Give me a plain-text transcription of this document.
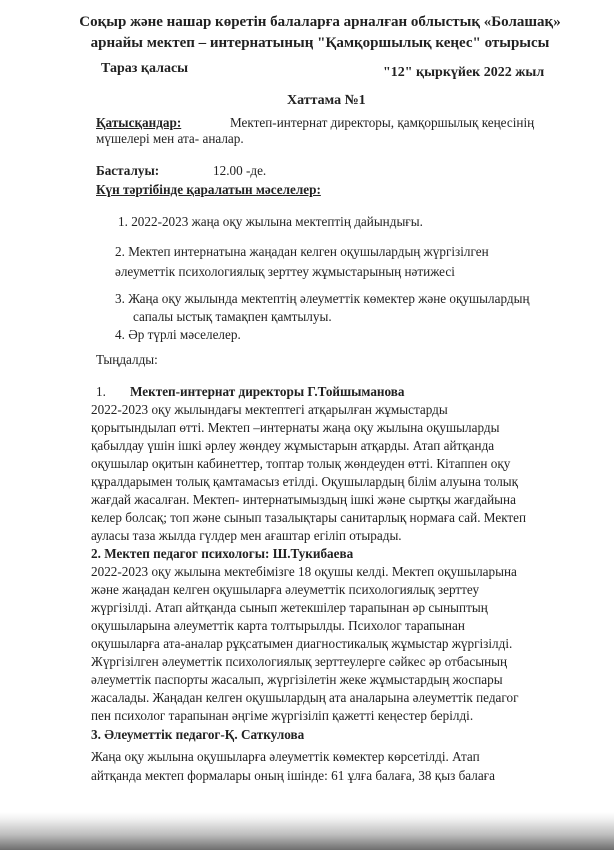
Соқыр және нашар көретін балаларға арналған облыстық «Болашақ»
арнайы мектеп – интернатының "Қамқоршылық кеңес" отырысы
Тараз қаласы	"12" қыркүйек 2022 жыл
Хаттама №1
Қатысқандар:	Мектеп-интернат директоры, қамқоршылық кеңесінің
мүшелері мен ата- аналар.
Басталуы:	12.00 -де.
Күн тәртібінде қаралатын мәселелер:
1. 2022-2023 жаңа оқу жылына мектептің дайындығы.
2. Мектеп интернатына жаңадан келген оқушылардың жүргізілген
әлеуметтік психологиялық зерттеу жұмыстарының нәтижесі
3. Жаңа оқу жылында мектептің әлеуметтік көмектер және оқушылардың
сапалы ыстық тамақпен қамтылуы.
4. Әр түрлі мәселелер.
Тыңдалды:
1. Мектеп-интернат директоры Г.Тойшыманова
2022-2023 оқу жылындағы мектептегі атқарылған жұмыстарды
қорытындылап өтті. Мектеп –интернаты жаңа оқу жылына оқушыларды
қабылдау үшін ішкі әрлеу жөндеу жұмыстарын атқарды. Атап айтқанда
оқушылар оқитын кабинеттер, топтар толық жөндеуден өтті. Кітаппен оқу
құралдарымен толық қамтамасыз етілді. Оқушылардың білім алуына толық
жағдай жасалған. Мектеп- интернатымыздың ішкі және сыртқы жағдайына
келер болсақ; топ және сынып тазалықтары санитарлық нормаға сай. Мектеп
ауласы таза жылда гүлдер мен ағаштар егіліп отырады.
2. Мектеп педагог психологы: Ш.Тукибаева
2022-2023 оқу жылына мектебімізге 18 оқушы келді. Мектеп оқушыларына
және жаңадан келген оқушыларға әлеуметтік психологиялық зерттеу
жүргізілді. Атап айтқанда сынып жетекшілер тарапынан әр сыныптың
оқушыларына әлеуметтік карта толтырылды. Психолог тарапынан
оқушыларға ата-аналар рұқсатымен диагностикалық жұмыстар жүргізілді.
Жүргізілген әлеуметтік психологиялық зерттеулерге сәйкес әр отбасының
әлеуметтік паспорты жасалып, жүргізілетін жеке жұмыстардың жоспары
жасалады. Жаңадан келген оқушылардың ата аналарына әлеуметтік педагог
пен психолог тарапынан әңгіме жүргізіліп қажетті кеңестер берілді.
3. Әлеуметтік педагог-Қ. Саткулова
Жаңа оқу жылына оқушыларға әлеуметтік көмектер көрсетілді. Атап
айтқанда мектеп формалары оның ішінде: 61 ұлға балаға, 38 қыз балаға
